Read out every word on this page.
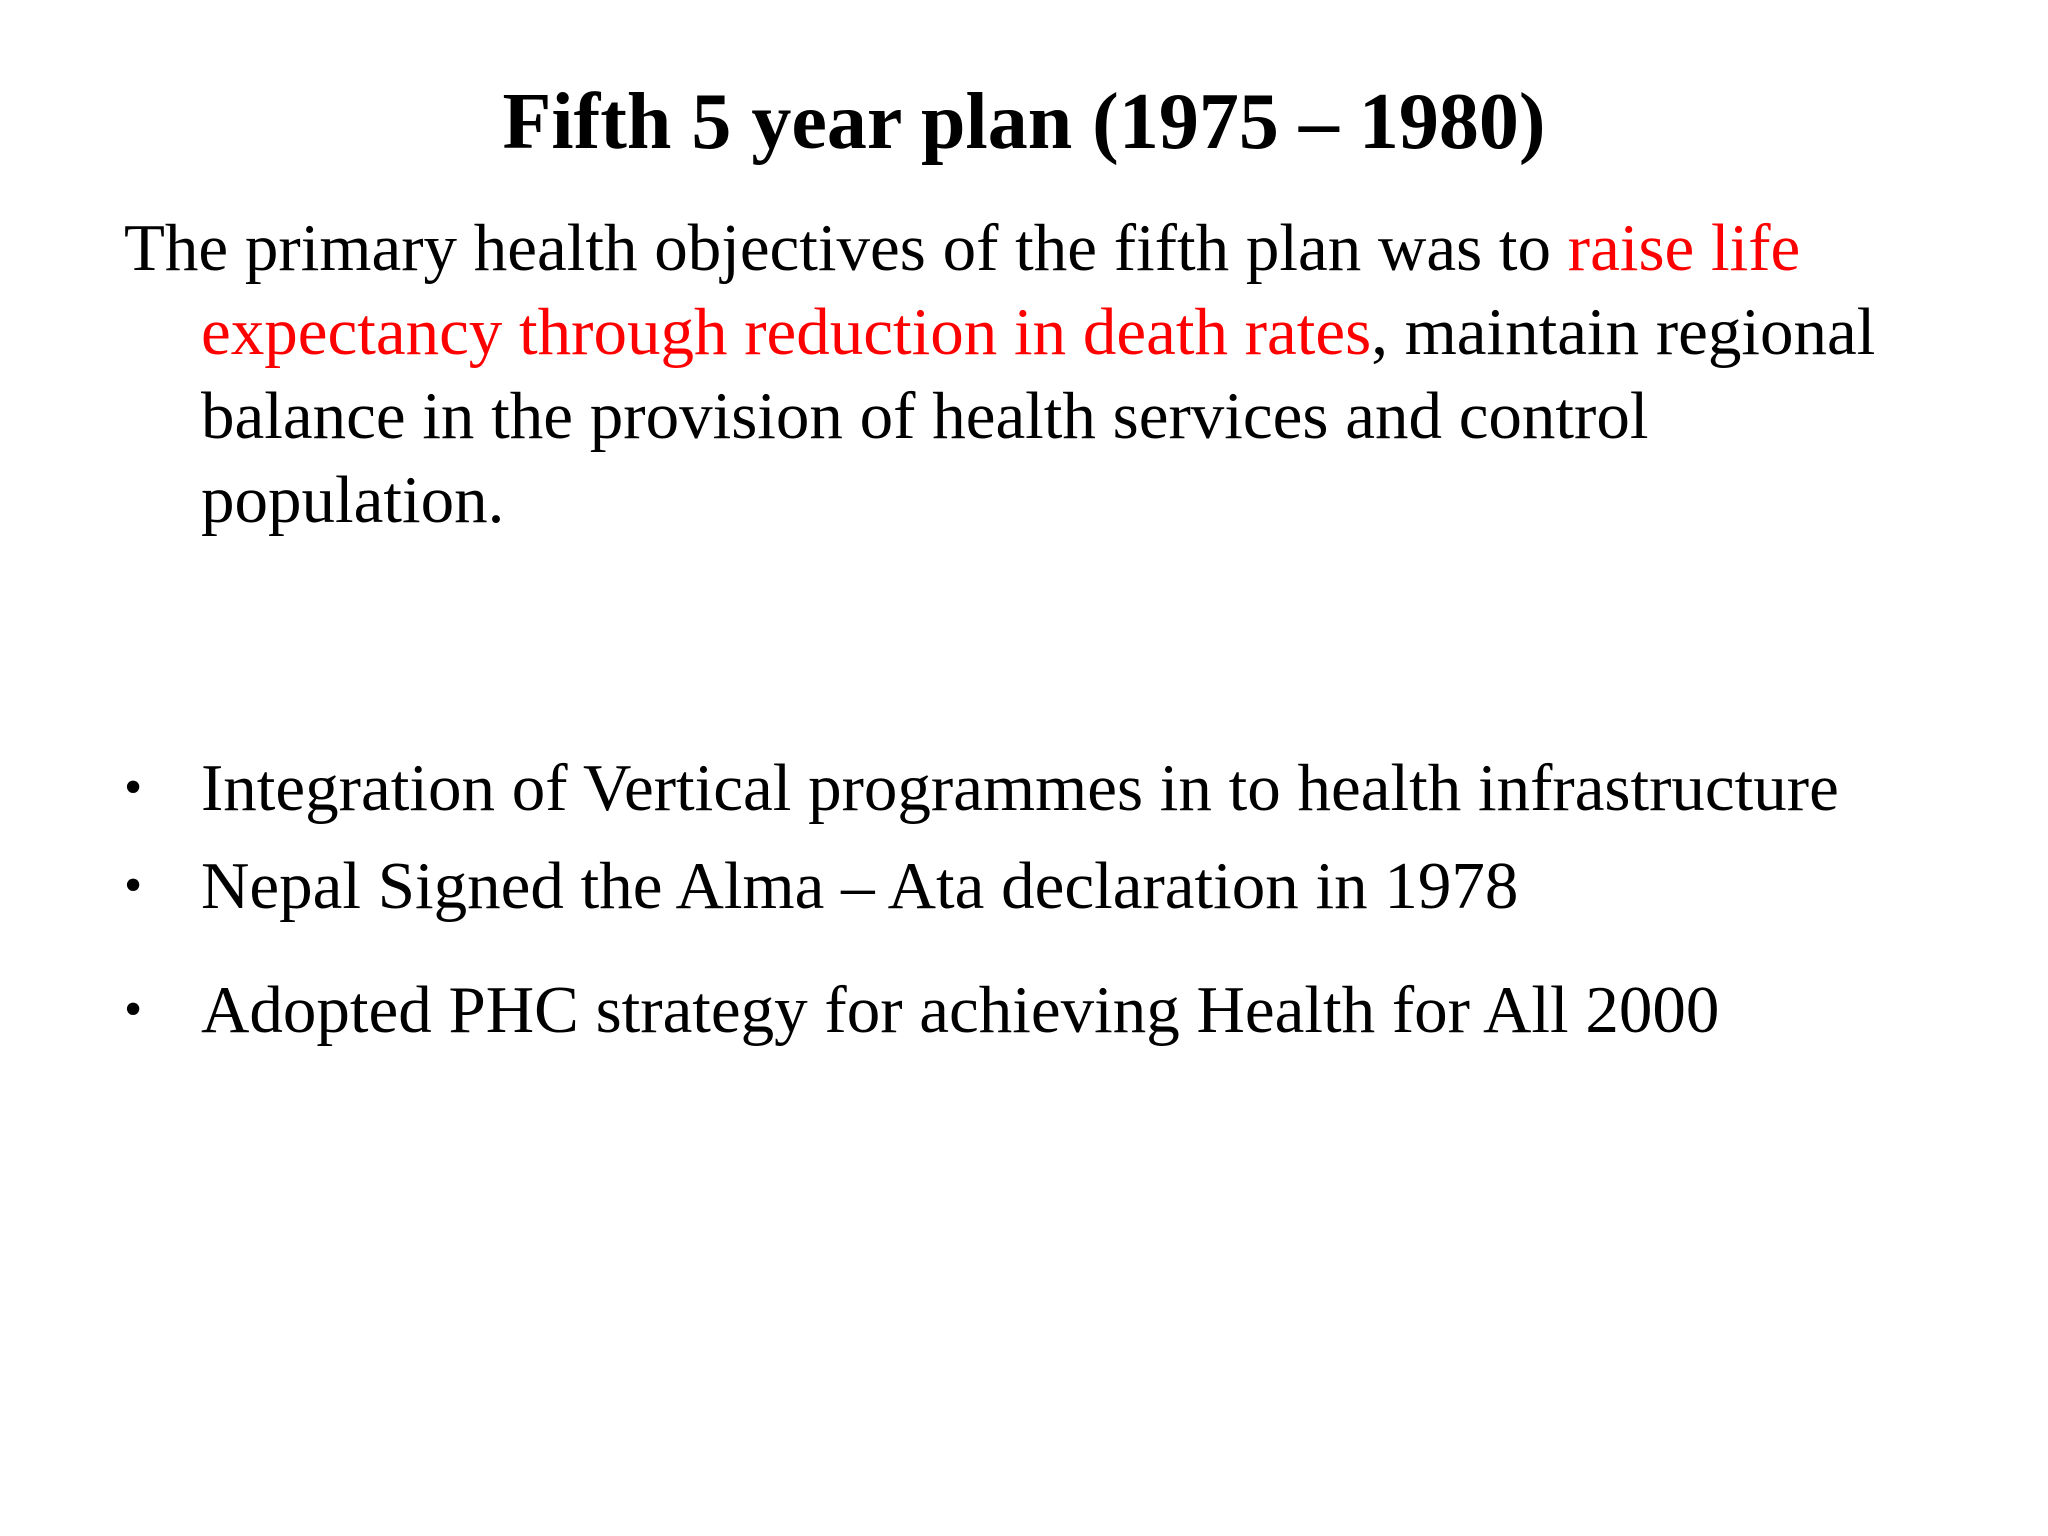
Fifth 5 year plan (1975 – 1980)
The primary health objectives of the fifth plan was to raise life
expectancy through reduction in death rates, maintain regional
balance in the provision of health services and control
population.
• Integration of Vertical programmes in to health infrastructure
• Nepal Signed the Alma – Ata declaration in 1978
• Adopted PHC strategy for achieving Health for All 2000
